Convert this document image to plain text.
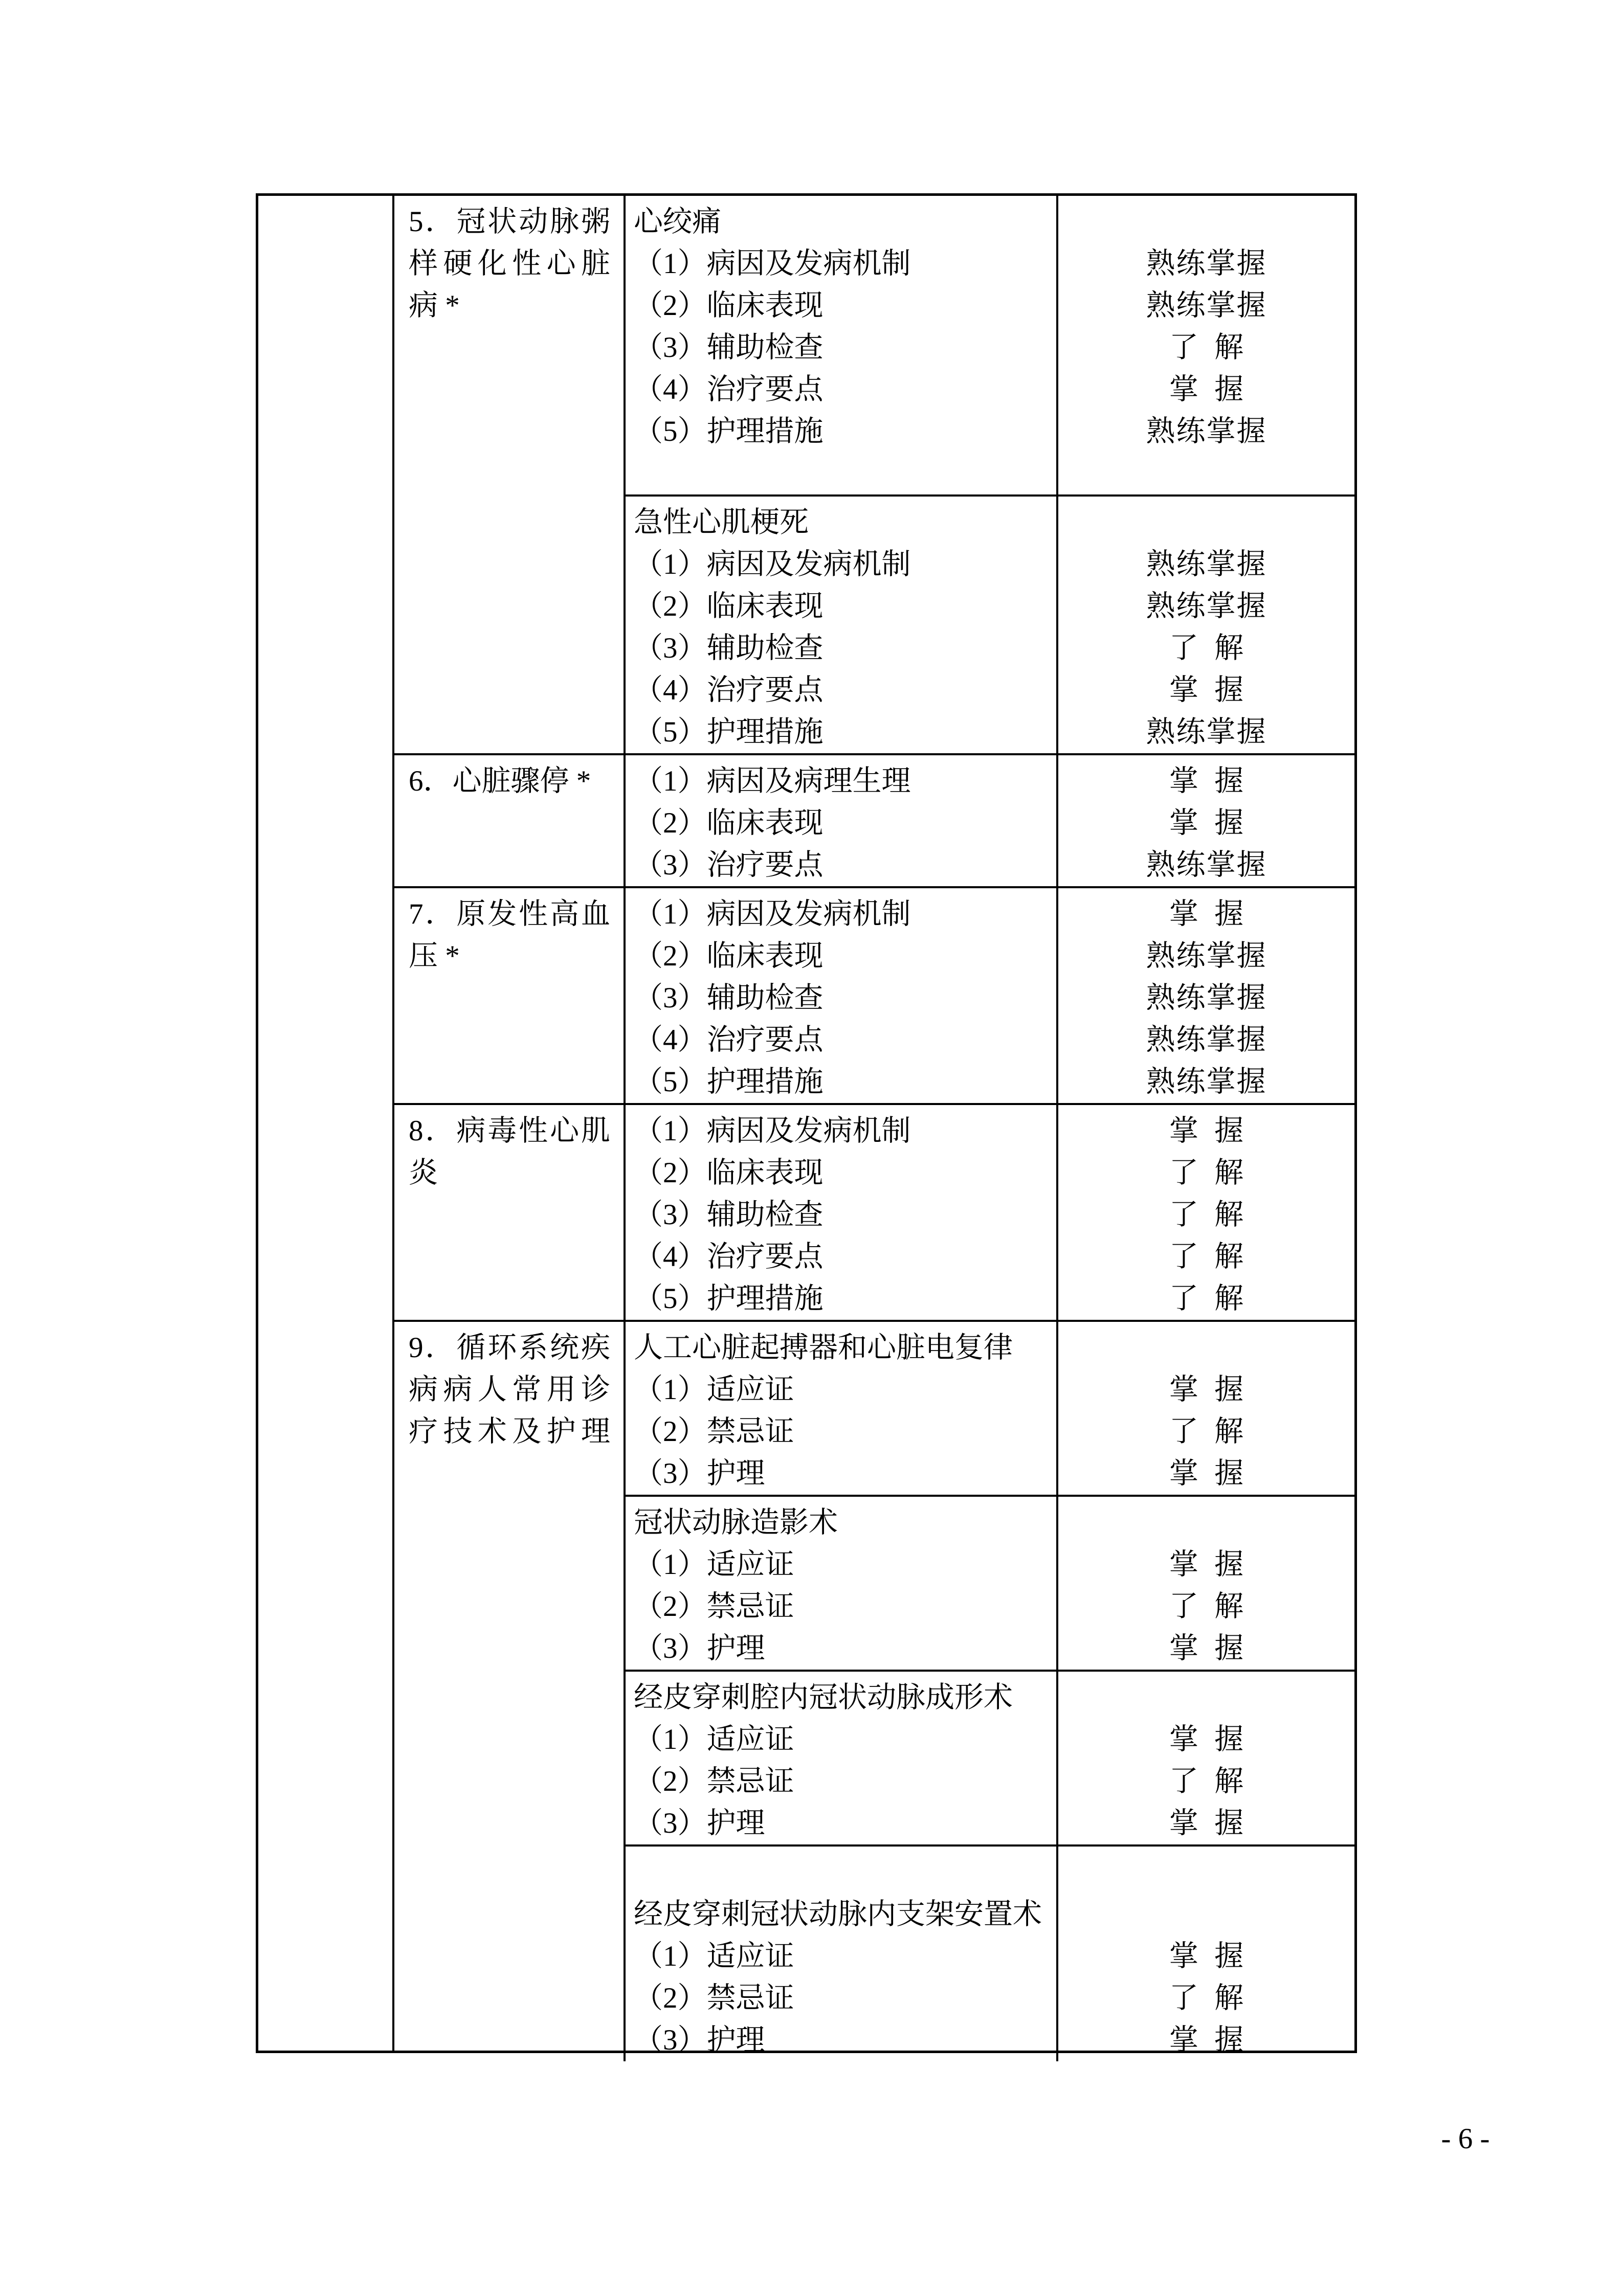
5．冠状动脉粥
样硬化性心脏
病 *
心绞痛
（1）病因及发病机制
（2）临床表现
（3）辅助检查
（4）治疗要点
（5）护理措施
熟练掌握
熟练掌握
了解
掌握
熟练掌握
急性心肌梗死
（1）病因及发病机制
（2）临床表现
（3）辅助检查
（4）治疗要点
（5）护理措施
熟练掌握
熟练掌握
了解
掌握
熟练掌握
6．心脏骤停 *	（1）病因及病理生理
（2）临床表现
（3）治疗要点
掌握
掌握
熟练掌握
7．原发性高血
压 *
（1）病因及发病机制
（2）临床表现
（3）辅助检查
（4）治疗要点
（5）护理措施
掌握
熟练掌握
熟练掌握
熟练掌握
熟练掌握
8．病毒性心肌
炎
（1）病因及发病机制
（2）临床表现
（3）辅助检查
（4）治疗要点
（5）护理措施
掌握
了解
了解
了解
了解
9．循环系统疾
病病人常用诊
疗技术及护理
人工心脏起搏器和心脏电复律
（1）适应证
（2）禁忌证
（3）护理
掌握
了解
掌握
冠状动脉造影术
（1）适应证
（2）禁忌证
（3）护理
掌握
了解
掌握
经皮穿刺腔内冠状动脉成形术
（1）适应证
（2）禁忌证
（3）护理
掌握
了解
掌握
经皮穿刺冠状动脉内支架安置术
（1）适应证
（2）禁忌证
（3）护理
掌握
了解
掌握
- 6 -
